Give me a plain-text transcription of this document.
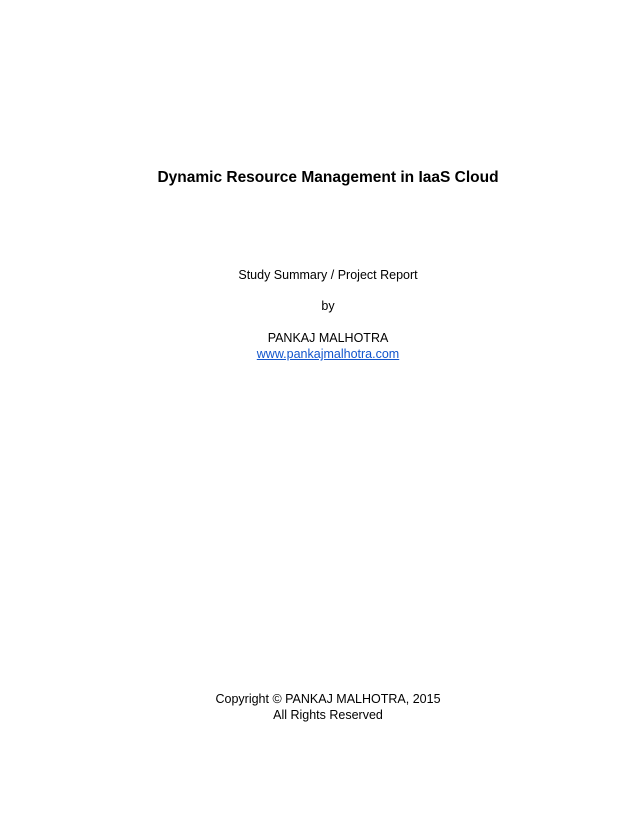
Dynamic Resource Management in IaaS Cloud

Study Summary / Project Report

by

PANKAJ MALHOTRA

www.pankajmalhotra.com

Copyright © PANKAJ MALHOTRA, 2015

All Rights Reserved
